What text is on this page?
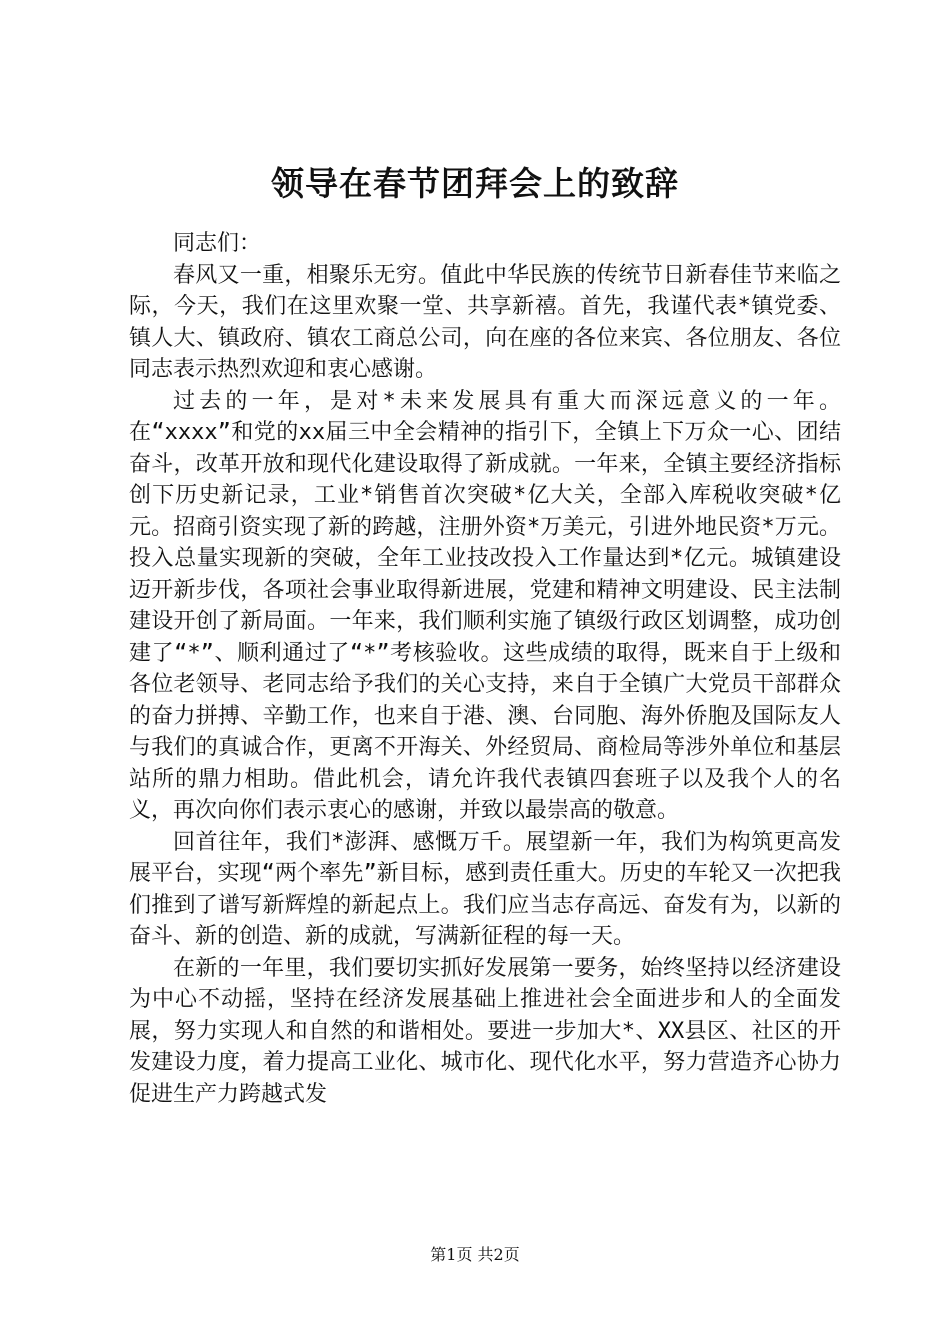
领导在春节团拜会上的致辞

同志们：

春风又一重，相聚乐无穷。值此中华民族的传统节日新春佳节来临之际，今天，我们在这里欢聚一堂、共享新禧。首先，我谨代表*镇党委、镇人大、镇政府、镇农工商总公司，向在座的各位来宾、各位朋友、各位同志表示热烈欢迎和衷心感谢。

过去的一年，是对*未来发展具有重大而深远意义的一年。在“xxxx”和党的xx届三中全会精神的指引下，全镇上下万众一心、团结奋斗，改革开放和现代化建设取得了新成就。一年来，全镇主要经济指标创下历史新记录，工业*销售首次突破*亿大关，全部入库税收突破*亿元。招商引资实现了新的跨越，注册外资*万美元，引进外地民资*万元。投入总量实现新的突破，全年工业技改投入工作量达到*亿元。城镇建设迈开新步伐，各项社会事业取得新进展，党建和精神文明建设、民主法制建设开创了新局面。一年来，我们顺利实施了镇级行政区划调整，成功创建了“*”、顺利通过了“*”考核验收。这些成绩的取得，既来自于上级和各位老领导、老同志给予我们的关心支持，来自于全镇广大党员干部群众的奋力拼搏、辛勤工作，也来自于港、澳、台同胞、海外侨胞及国际友人与我们的真诚合作，更离不开海关、外经贸局、商检局等涉外单位和基层站所的鼎力相助。借此机会，请允许我代表镇四套班子以及我个人的名义，再次向你们表示衷心的感谢，并致以最崇高的敬意。

回首往年，我们*澎湃、感慨万千。展望新一年，我们为构筑更高发展平台，实现“两个率先”新目标，感到责任重大。历史的车轮又一次把我们推到了谱写新辉煌的新起点上。我们应当志存高远、奋发有为，以新的奋斗、新的创造、新的成就，写满新征程的每一天。

在新的一年里，我们要切实抓好发展第一要务，始终坚持以经济建设为中心不动摇，坚持在经济发展基础上推进社会全面进步和人的全面发展，努力实现人和自然的和谐相处。要进一步加大*、XX县区、社区的开发建设力度，着力提高工业化、城市化、现代化水平，努力营造齐心协力促进生产力跨越式发

第1页 共2页
